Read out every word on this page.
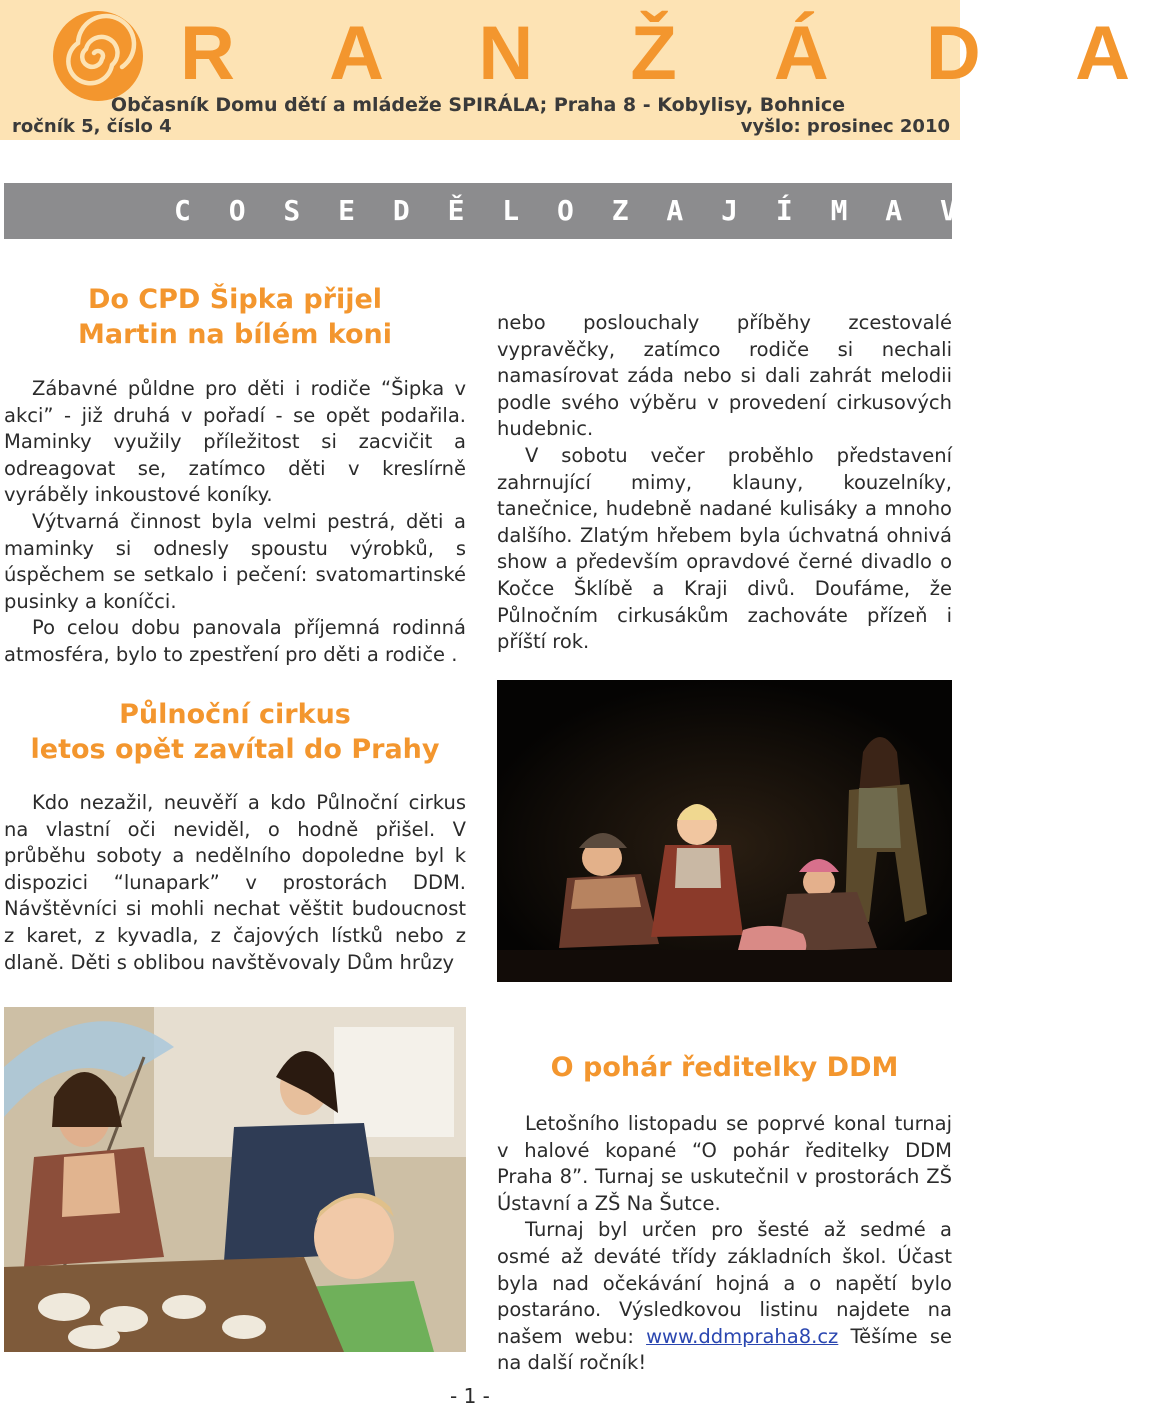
R A N Ž Á D A
Občasník Domu dětí a mládeže SPIRÁLA; Praha 8 - Kobylisy, Bohnice
ročník 5, číslo 4	vyšlo: prosinec 2010
C O S E D Ě L O Z A J Í M A V É H O
Do CPD Šipka přijel
Martin na bílém koni

Zábavné půldne pro děti i rodiče “Šipka v akci” - již druhá v pořadí - se opět podařila. Maminky využily příležitost si zacvičit a odreagovat se, zatímco děti v kreslírně vyráběly inkoustové koníky.

Výtvarná činnost byla velmi pestrá, děti a maminky si odnesly spoustu výrobků, s úspěchem se setkalo i pečení: svatomartinské pusinky a koníčci.

Po celou dobu panovala příjemná rodinná atmosféra, bylo to zpestření pro děti a rodiče .

Půlnoční cirkus
letos opět zavítal do Prahy

Kdo nezažil, neuvěří a kdo Půlnoční cirkus na vlastní oči neviděl, o hodně přišel. V průběhu soboty a nedělního dopoledne byl k dispozici “lunapark” v prostorách DDM. Návštěvníci si mohli nechat věštit budoucnost z karet, z kyvadla, z čajových lístků nebo z dlaně. Děti s oblibou navštěvovaly Dům hrůzy

nebo poslouchaly příběhy zcestovalé vypravěčky, zatímco rodiče si nechali namasírovat záda nebo si dali zahrát melodii podle svého výběru v provedení cirkusových hudebnic.

V sobotu večer proběhlo představení zahrnující mimy, klauny, kouzelníky, tanečnice, hudebně nadané kulisáky a mnoho dalšího. Zlatým hřebem byla úchvatná ohnivá show a především opravdové černé divadlo o Kočce Šklíbě a Kraji divů. Doufáme, že Půlnočním cirkusákům zachováte přízeň i příští rok.

O pohár ředitelky DDM

Letošního listopadu se poprvé konal turnaj v halové kopané “O pohár ředitelky DDM Praha 8”. Turnaj se uskutečnil v prostorách ZŠ Ústavní a ZŠ Na Šutce.

Turnaj byl určen pro šesté až sedmé a osmé až deváté třídy základních škol. Účast byla nad očekávání hojná a o napětí bylo postaráno. Výsledkovou listinu najdete na našem webu: www.ddmpraha8.cz Těšíme se na další ročník!

- 1 -
